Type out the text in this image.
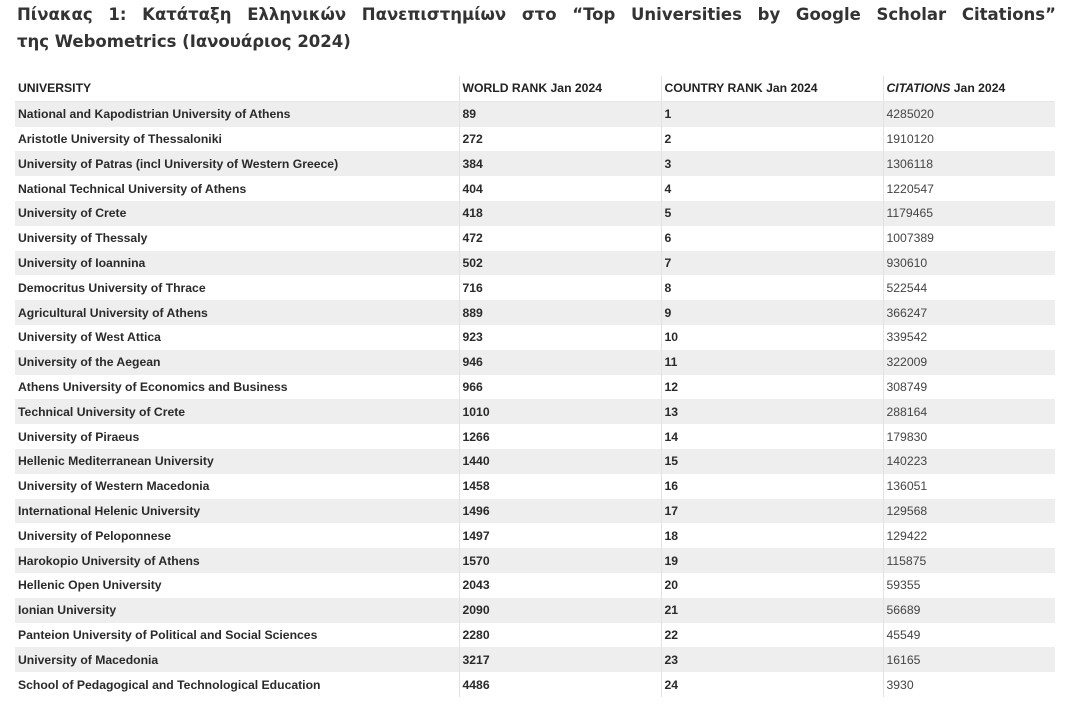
Πίνακας 1: Κατάταξη Ελληνικών Πανεπιστημίων στο “Top Universities by Google Scholar Citations”
της Webometrics (Ιανουάριος 2024)
UNIVERSITY	WORLD RANK Jan 2024	COUNTRY RANK Jan 2024	CITATIONS Jan 2024
National and Kapodistrian University of Athens	89	1	4285020
Aristotle University of Thessaloniki	272	2	1910120
University of Patras (incl University of Western Greece)	384	3	1306118
National Technical University of Athens	404	4	1220547
University of Crete	418	5	1179465
University of Thessaly	472	6	1007389
University of Ioannina	502	7	930610
Democritus University of Thrace	716	8	522544
Agricultural University of Athens	889	9	366247
University of West Attica	923	10	339542
University of the Aegean	946	11	322009
Athens University of Economics and Business	966	12	308749
Technical University of Crete	1010	13	288164
University of Piraeus	1266	14	179830
Hellenic Mediterranean University	1440	15	140223
University of Western Macedonia	1458	16	136051
International Helenic University	1496	17	129568
University of Peloponnese	1497	18	129422
Harokopio University of Athens	1570	19	115875
Hellenic Open University	2043	20	59355
Ionian University	2090	21	56689
Panteion University of Political and Social Sciences	2280	22	45549
University of Macedonia	3217	23	16165
School of Pedagogical and Technological Education	4486	24	3930
